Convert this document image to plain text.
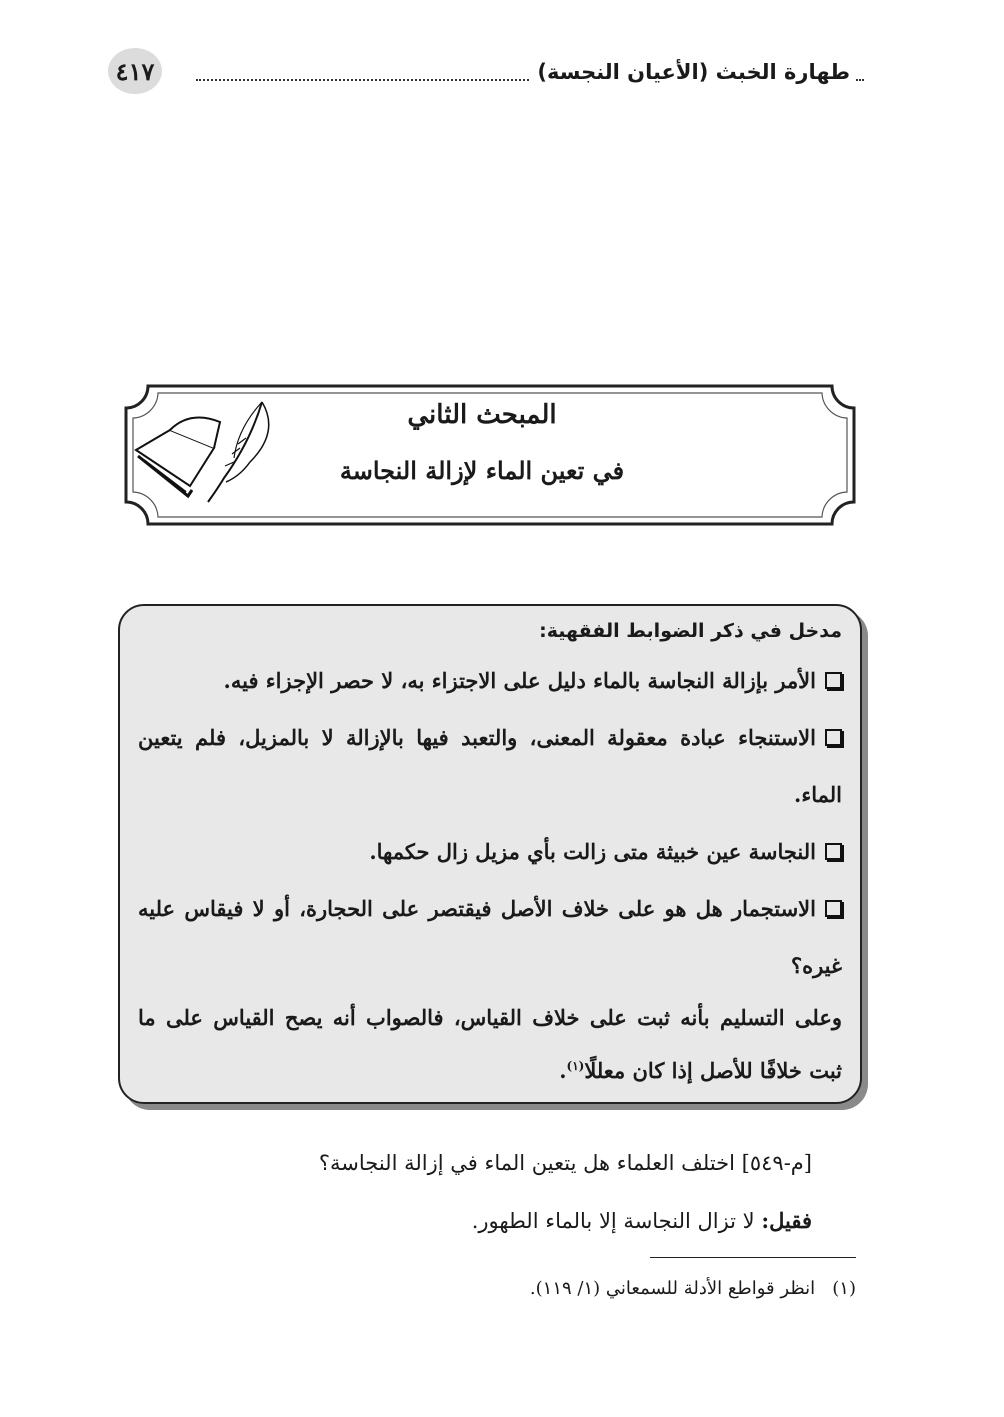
٤١٧	طهارة الخبث (الأعيان النجسة)
المبحث الثاني
في تعين الماء لإزالة النجاسة
مدخل في ذكر الضوابط الفقهية:
الأمر بإزالة النجاسة بالماء دليل على الاجتزاء به، لا حصر الإجزاء فيه.
الاستنجاء عبادة معقولة المعنى، والتعبد فيها بالإزالة لا بالمزيل، فلم يتعين الماء.
النجاسة عين خبيثة متى زالت بأي مزيل زال حكمها.
الاستجمار هل هو على خلاف الأصل فيقتصر على الحجارة، أو لا فيقاس عليه غيره؟
وعلى التسليم بأنه ثبت على خلاف القياس، فالصواب أنه يصح القياس على ما ثبت خلافًا للأصل إذا كان معللًا$^{(١)}$.
[م-٥٤٩] اختلف العلماء هل يتعين الماء في إزالة النجاسة؟
فقيل: لا تزال النجاسة إلا بالماء الطهور.
(١)   انظر قواطع الأدلة للسمعاني (١/ ١١٩).
